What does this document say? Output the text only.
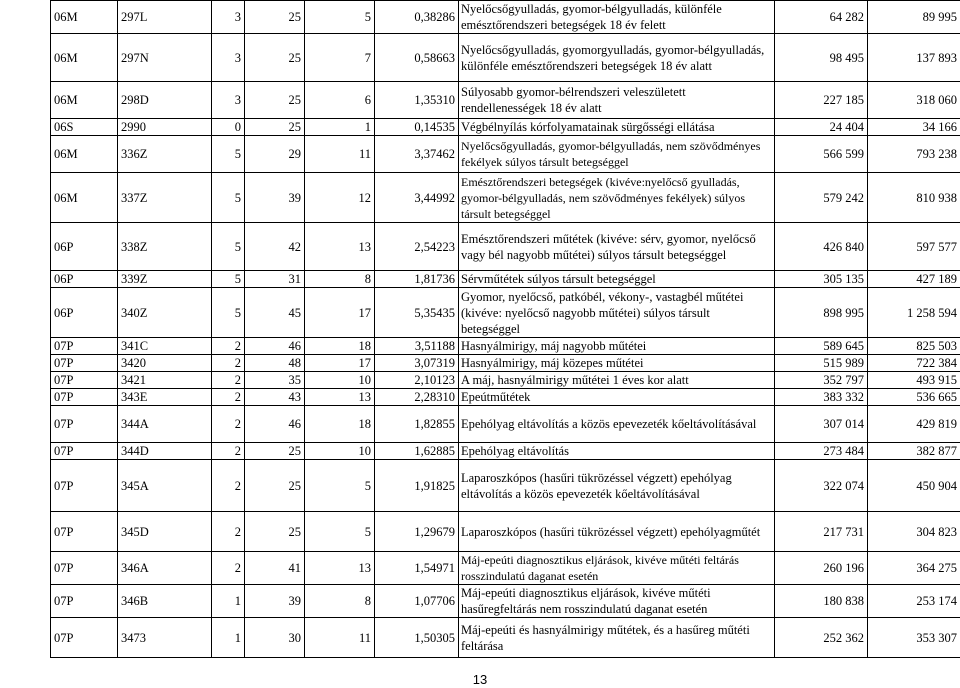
06M	297L	3	25	5	0,38286	Nyelőcsőgyulladás, gyomor-bélgyulladás, különféle emésztőrendszeri betegségek 18 év felett	64 282	89 995
06M	297N	3	25	7	0,58663	Nyelőcsőgyulladás, gyomorgyulladás, gyomor-bélgyulladás, különféle emésztőrendszeri betegségek 18 év alatt	98 495	137 893
06M	298D	3	25	6	1,35310	Súlyosabb gyomor-bélrendszeri veleszületett rendellenességek 18 év alatt	227 185	318 060
06S	2990	0	25	1	0,14535	Végbélnyílás kórfolyamatainak sürgősségi ellátása	24 404	34 166
06M	336Z	5	29	11	3,37462	Nyelőcsőgyulladás, gyomor-bélgyulladás, nem szövődményes fekélyek súlyos társult betegséggel	566 599	793 238
06M	337Z	5	39	12	3,44992	Emésztőrendszeri betegségek (kivéve:nyelőcső gyulladás, gyomor-bélgyulladás, nem szövődményes fekélyek) súlyos társult betegséggel	579 242	810 938
06P	338Z	5	42	13	2,54223	Emésztőrendszeri műtétek (kivéve: sérv, gyomor, nyelőcső vagy bél nagyobb műtétei) súlyos társult betegséggel	426 840	597 577
06P	339Z	5	31	8	1,81736	Sérvműtétek súlyos társult betegséggel	305 135	427 189
06P	340Z	5	45	17	5,35435	Gyomor, nyelőcső, patkóbél, vékony-, vastagbél műtétei (kivéve: nyelőcső nagyobb műtétei) súlyos társult betegséggel	898 995	1 258 594
07P	341C	2	46	18	3,51188	Hasnyálmirigy, máj nagyobb műtétei	589 645	825 503
07P	3420	2	48	17	3,07319	Hasnyálmirigy, máj közepes műtétei	515 989	722 384
07P	3421	2	35	10	2,10123	A máj, hasnyálmirigy műtétei 1 éves kor alatt	352 797	493 915
07P	343E	2	43	13	2,28310	Epeútműtétek	383 332	536 665
07P	344A	2	46	18	1,82855	Epehólyag eltávolítás a közös epevezeték kőeltávolításával	307 014	429 819
07P	344D	2	25	10	1,62885	Epehólyag eltávolítás	273 484	382 877
07P	345A	2	25	5	1,91825	Laparoszkópos (hasűri tükrözéssel végzett) epehólyag eltávolítás a közös epevezeték kőeltávolításával	322 074	450 904
07P	345D	2	25	5	1,29679	Laparoszkópos (hasűri tükrözéssel végzett) epehólyagműtét	217 731	304 823
07P	346A	2	41	13	1,54971	Máj-epeúti diagnosztikus eljárások, kivéve műtéti feltárás rosszindulatú daganat esetén	260 196	364 275
07P	346B	1	39	8	1,07706	Máj-epeúti diagnosztikus eljárások, kivéve műtéti hasűregfeltárás nem rosszindulatú daganat esetén	180 838	253 174
07P	3473	1	30	11	1,50305	Máj-epeúti és hasnyálmirigy műtétek, és a hasűreg műtéti feltárása	252 362	353 307
13
